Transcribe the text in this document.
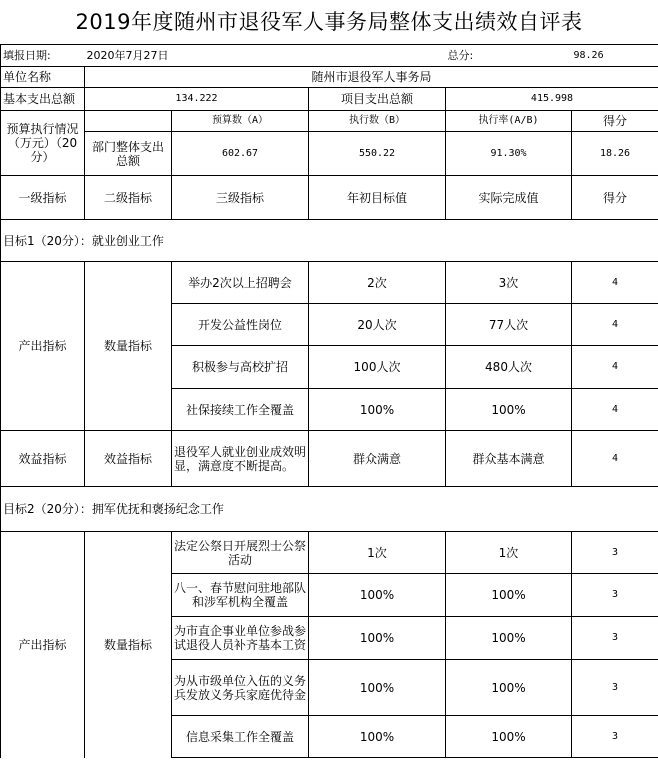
2019年度随州市退役军人事务局整体支出绩效自评表
填报日期:	2020年7月27日			总分:	98.26
单位名称	随州市退役军人事务局				
基本支出总额	134.222		项目支出总额	415.998	
预算执行情况（万元）（20分）		预算数（A）	执行数（B）	执行率(A/B)	得分
	部门整体支出总额	602.67	550.22	91.30%	18.26
一级指标	二级指标	三级指标	年初目标值	实际完成值	得分
目标1（20分）：就业创业工作					
产出指标	数量指标	举办2次以上招聘会	2次	3次	4
		开发公益性岗位	20人次	77人次	4
		积极参与高校扩招	100人次	480人次	4
		社保接续工作全覆盖	100%	100%	4
效益指标	效益指标	退役军人就业创业成效明显，满意度不断提高。	群众满意	群众基本满意	4
目标2（20分）：拥军优抚和褒扬纪念工作					
产出指标	数量指标	法定公祭日开展烈士公祭活动	1次	1次	3
		八一、春节慰问驻地部队和涉军机构全覆盖	100%	100%	3
		为市直企事业单位参战参试退役人员补齐基本工资	100%	100%	3
		为从市级单位入伍的义务兵发放义务兵家庭优待金	100%	100%	3
		信息采集工作全覆盖	100%	100%	3
